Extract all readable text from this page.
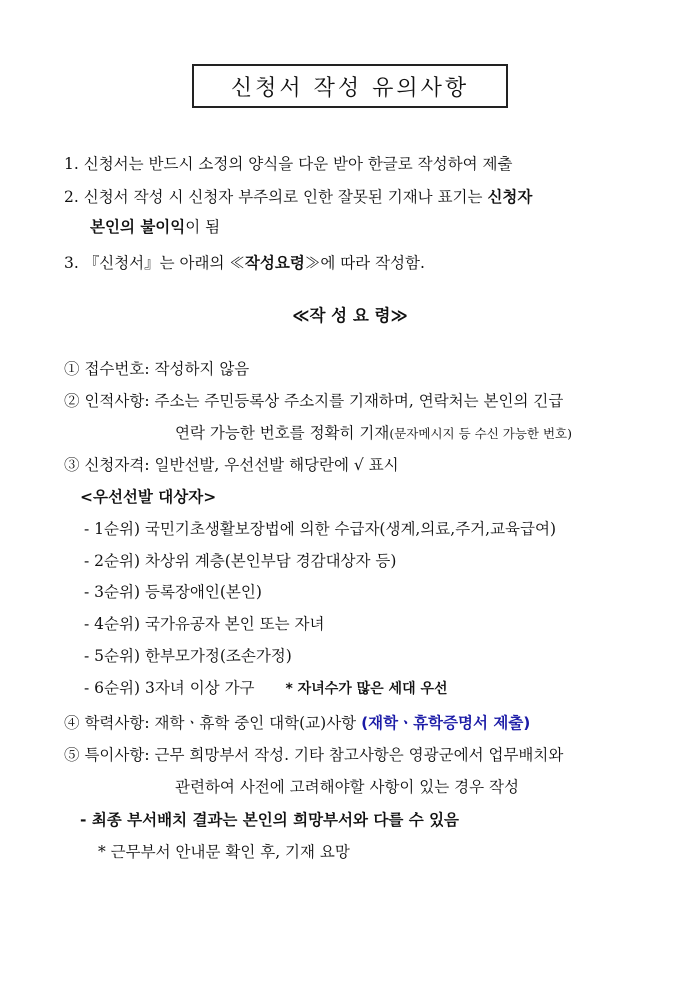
신청서 작성 유의사항
1. 신청서는 반드시 소정의 양식을 다운 받아 한글로 작성하여 제출
2. 신청서 작성 시 신청자 부주의로 인한 잘못된 기재나 표기는 신청자
본인의 불이익이 됨
3. 『신청서』는 아래의 ≪작성요령≫에 따라 작성함.
≪작 성 요 령≫
① 접수번호: 작성하지 않음
② 인적사항: 주소는 주민등록상 주소지를 기재하며, 연락처는 본인의 긴급
연락 가능한 번호를 정확히 기재(문자메시지 등 수신 가능한 번호)
③ 신청자격: 일반선발, 우선선발 해당란에 √ 표시
<우선선발 대상자>
- 1순위) 국민기초생활보장법에 의한 수급자(생계,의료,주거,교육급여)
- 2순위) 차상위 계층(본인부담 경감대상자 등)
- 3순위) 등록장애인(본인)
- 4순위) 국가유공자 본인 또는 자녀
- 5순위) 한부모가정(조손가정)
- 6순위) 3자녀 이상 가구 * 자녀수가 많은 세대 우선
④ 학력사항: 재학ㆍ휴학 중인 대학(교)사항 (재학ㆍ휴학증명서 제출)
⑤ 특이사항: 근무 희망부서 작성. 기타 참고사항은 영광군에서 업무배치와
관련하여 사전에 고려해야할 사항이 있는 경우 작성
- 최종 부서배치 결과는 본인의 희망부서와 다를 수 있음
* 근무부서 안내문 확인 후, 기재 요망
